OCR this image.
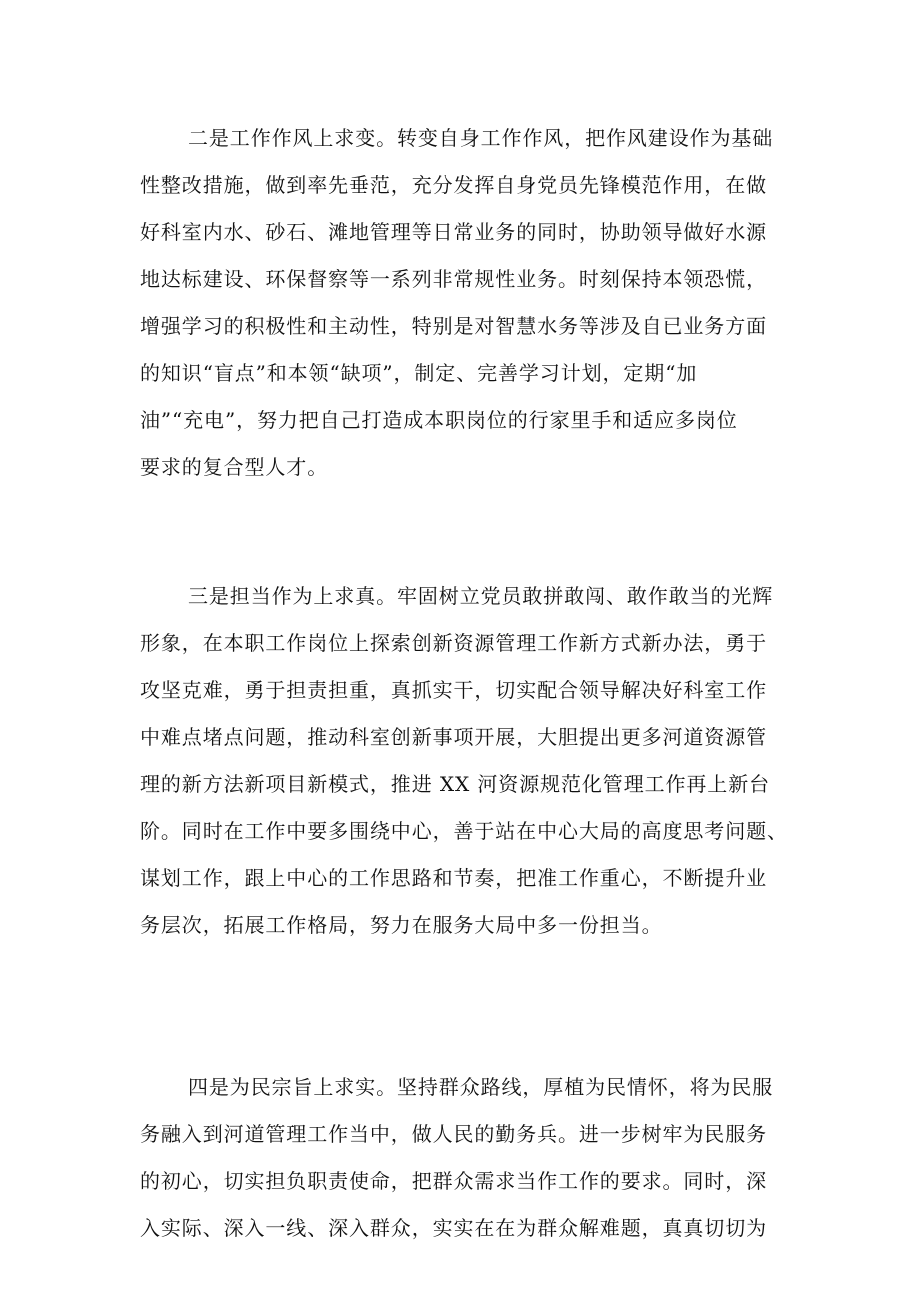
二是工作作风上求变。转变自身工作作风，把作风建设作为基础
性整改措施，做到率先垂范，充分发挥自身党员先锋模范作用，在做
好科室内水、砂石、滩地管理等日常业务的同时，协助领导做好水源
地达标建设、环保督察等一系列非常规性业务。时刻保持本领恐慌，
增强学习的积极性和主动性，特别是对智慧水务等涉及自已业务方面
的知识“盲点”和本领“缺项”，制定、完善学习计划，定期“加
油”“充电”，努力把自己打造成本职岗位的行家里手和适应多岗位
要求的复合型人才。
三是担当作为上求真。牢固树立党员敢拼敢闯、敢作敢当的光辉
形象，在本职工作岗位上探索创新资源管理工作新方式新办法，勇于
攻坚克难，勇于担责担重，真抓实干，切实配合领导解决好科室工作
中难点堵点问题，推动科室创新事项开展，大胆提出更多河道资源管
理的新方法新项目新模式，推进 XX 河资源规范化管理工作再上新台
阶。同时在工作中要多围绕中心，善于站在中心大局的高度思考问题、
谋划工作，跟上中心的工作思路和节奏，把准工作重心，不断提升业
务层次，拓展工作格局，努力在服务大局中多一份担当。
四是为民宗旨上求实。坚持群众路线，厚植为民情怀，将为民服
务融入到河道管理工作当中，做人民的勤务兵。进一步树牢为民服务
的初心，切实担负职责使命，把群众需求当作工作的要求。同时，深
入实际、深入一线、深入群众，实实在在为群众解难题，真真切切为
